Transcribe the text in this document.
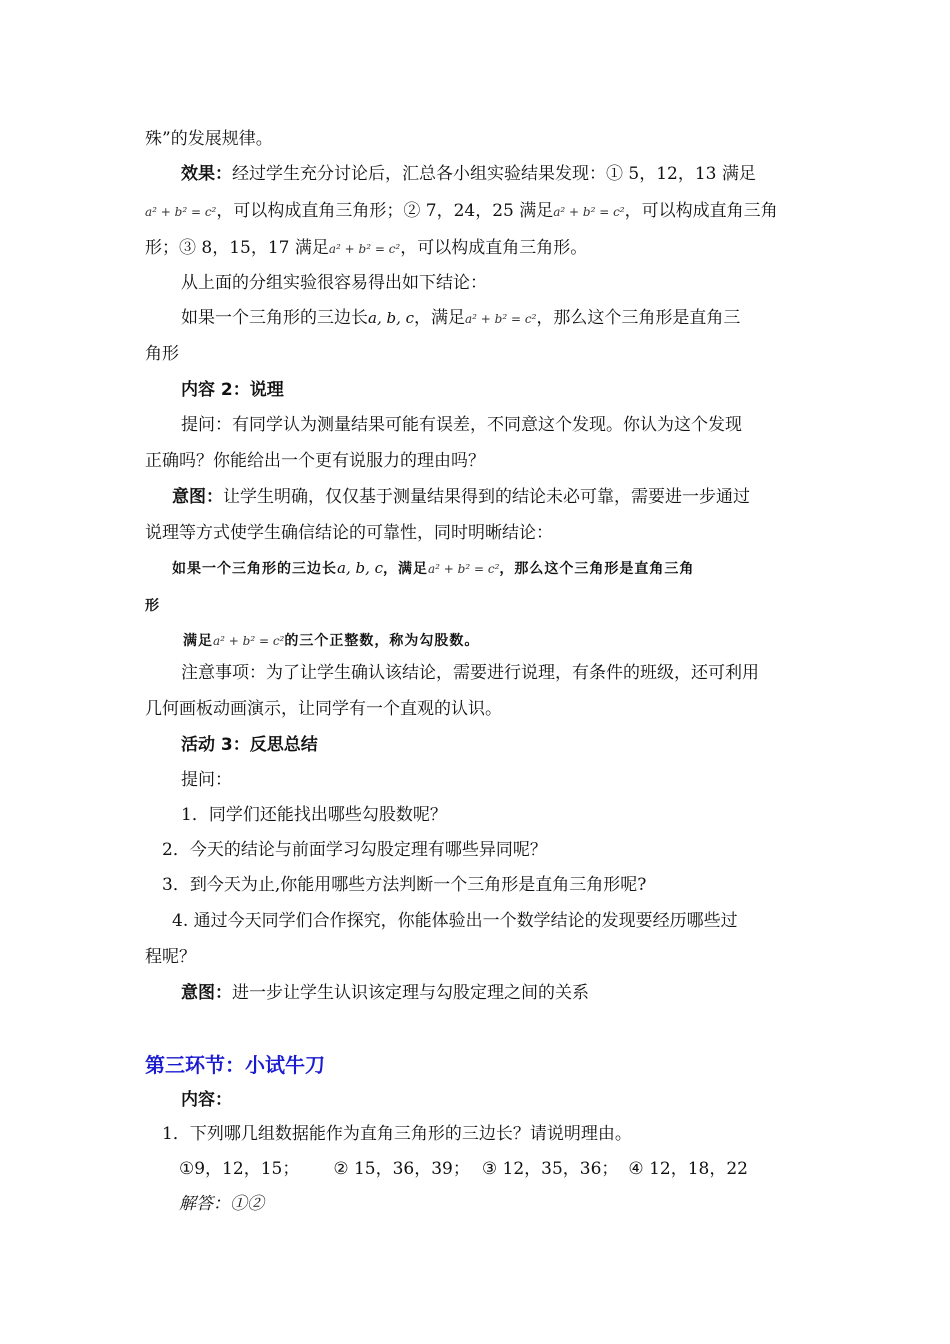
殊”的发展规律。
效果：经过学生充分讨论后，汇总各小组实验结果发现：① 5，12，13 满足
a² + b² = c²，可以构成直角三角形；② 7，24，25 满足a² + b² = c²，可以构成直角三角
形；③ 8，15，17 满足a² + b² = c²，可以构成直角三角形。
从上面的分组实验很容易得出如下结论：
如果一个三角形的三边长a, b, c，满足a² + b² = c²，那么这个三角形是直角三
角形
内容 2：说理
提问：有同学认为测量结果可能有误差，不同意这个发现。你认为这个发现
正确吗？你能给出一个更有说服力的理由吗？
意图：让学生明确，仅仅基于测量结果得到的结论未必可靠，需要进一步通过
说理等方式使学生确信结论的可靠性，同时明晰结论：
如果一个三角形的三边长a, b, c，满足a² + b² = c²，那么这个三角形是直角三角
形
满足a² + b² = c²的三个正整数，称为勾股数。
注意事项：为了让学生确认该结论，需要进行说理，有条件的班级，还可利用
几何画板动画演示，让同学有一个直观的认识。
活动 3：反思总结
提问：
1．同学们还能找出哪些勾股数呢？
2．今天的结论与前面学习勾股定理有哪些异同呢？
3．到今天为止,你能用哪些方法判断一个三角形是直角三角形呢?
4. 通过今天同学们合作探究，你能体验出一个数学结论的发现要经历哪些过
程呢？
意图：进一步让学生认识该定理与勾股定理之间的关系
第三环节：小试牛刀
内容：
1．下列哪几组数据能作为直角三角形的三边长？请说明理由。
①9，12，15； ② 15，36，39； ③ 12，35，36； ④ 12，18，22
解答：①②
